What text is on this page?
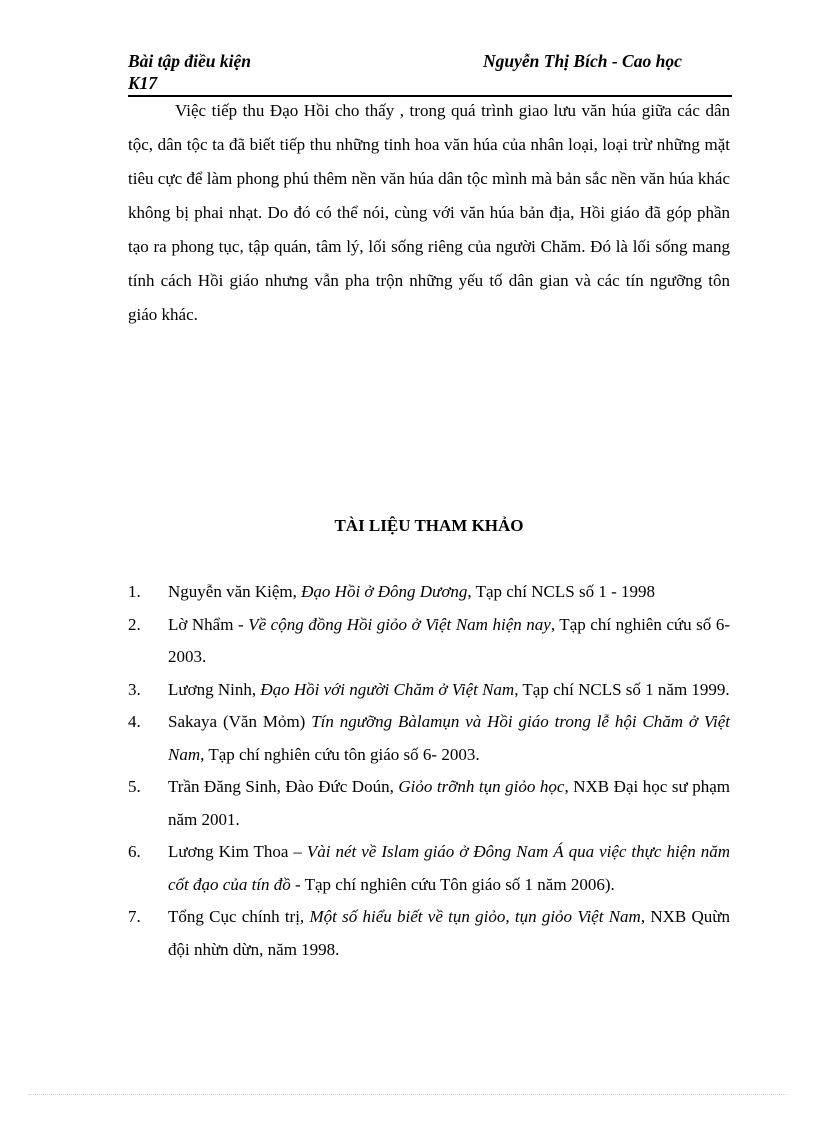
Bài tập điều kiện	Nguyễn Thị Bích - Cao học
K17

Việc tiếp thu Đạo Hồi cho thấy , trong quá trình giao lưu văn húa giữa các dân tộc, dân tộc ta đã biết tiếp thu những tinh hoa văn húa của nhân loại, loại trừ những mặt tiêu cực để làm phong phú thêm nền văn húa dân tộc mình mà bản sắc nền văn húa khác không bị phai nhạt. Do đó có thể nói, cùng với văn húa bản địa, Hồi giáo đã góp phần tạo ra phong tục, tập quán, tâm lý, lối sống riêng của người Chăm. Đó là lối sống mang tính cách Hồi giáo nhưng vẫn pha trộn những yếu tố dân gian và các tín ngưỡng tôn giáo khác.

TÀI LIỆU THAM KHẢO
1. Nguyễn văn Kiệm, Đạo Hồi ở Đông Dương, Tạp chí NCLS số 1 - 1998
2. Lờ Nhẩm - Về cộng đồng Hồi giỏo ở Việt Nam hiện nay, Tạp chí nghiên cứu số 6-2003.
3. Lương Ninh, Đạo Hồi với người Chăm ở Việt Nam, Tạp chí NCLS số 1 năm 1999.
4. Sakaya (Văn Mỏm) Tín ngưỡng Bàlamụn và Hồi giáo trong lễ hội Chăm ở Việt Nam, Tạp chí nghiên cứu tôn giáo số 6- 2003.
5. Trần Đăng Sinh, Đào Đức Doún, Giỏo trỡnh tụn giỏo học, NXB Đại học sư phạm năm 2001.
6. Lương Kim Thoa – Vài nét về Islam giáo ở Đông Nam Á qua việc thực hiện năm cốt đạo của tín đồ - Tạp chí nghiên cứu Tôn giáo số 1 năm 2006).
7. Tổng Cục chính trị, Một số hiểu biết về tụn giỏo, tụn giỏo Việt Nam, NXB Quừn đội nhừn dừn, năm 1998.
